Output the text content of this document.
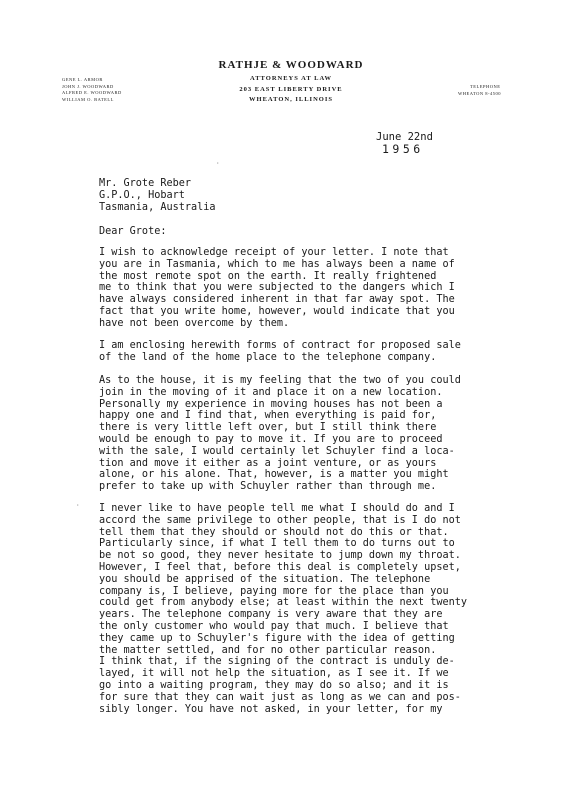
RATHJE & WOODWARD
ATTORNEYS AT LAW
203 EAST LIBERTY DRIVE
WHEATON, ILLINOIS
GENE L. ARMOR
JOHN J. WOODWARD
ALFRED E. WOODWARD
WILLIAM O. BATELL
TELEPHONE
WHEATON 8-4500
June 22nd
1956
·
Mr. Grote Reber
G.P.O., Hobart
Tasmania, Australia
Dear Grote:
I wish to acknowledge receipt of your letter. I note that
you are in Tasmania, which to me has always been a name of
the most remote spot on the earth. It really frightened
me to think that you were subjected to the dangers which I
have always considered inherent in that far away spot. The
fact that you write home, however, would indicate that you
have not been overcome by them.
I am enclosing herewith forms of contract for proposed sale
of the land of the home place to the telephone company.
As to the house, it is my feeling that the two of you could
join in the moving of it and place it on a new location.
Personally my experience in moving houses has not been a
happy one and I find that, when everything is paid for,
there is very little left over, but I still think there
would be enough to pay to move it. If you are to proceed
with the sale, I would certainly let Schuyler find a loca-
tion and move it either as a joint venture, or as yours
alone, or his alone. That, however, is a matter you might
prefer to take up with Schuyler rather than through me.
· I never like to have people tell me what I should do and I
accord the same privilege to other people, that is I do not
tell them that they should or should not do this or that.
Particularly since, if what I tell them to do turns out to
be not so good, they never hesitate to jump down my throat.
However, I feel that, before this deal is completely upset,
you should be apprised of the situation. The telephone
company is, I believe, paying more for the place than you
could get from anybody else; at least within the next twenty
years. The telephone company is very aware that they are
the only customer who would pay that much. I believe that
they came up to Schuyler's figure with the idea of getting
the matter settled, and for no other particular reason.
I think that, if the signing of the contract is unduly de-
layed, it will not help the situation, as I see it. If we
go into a waiting program, they may do so also; and it is
for sure that they can wait just as long as we can and pos-
sibly longer. You have not asked, in your letter, for my
